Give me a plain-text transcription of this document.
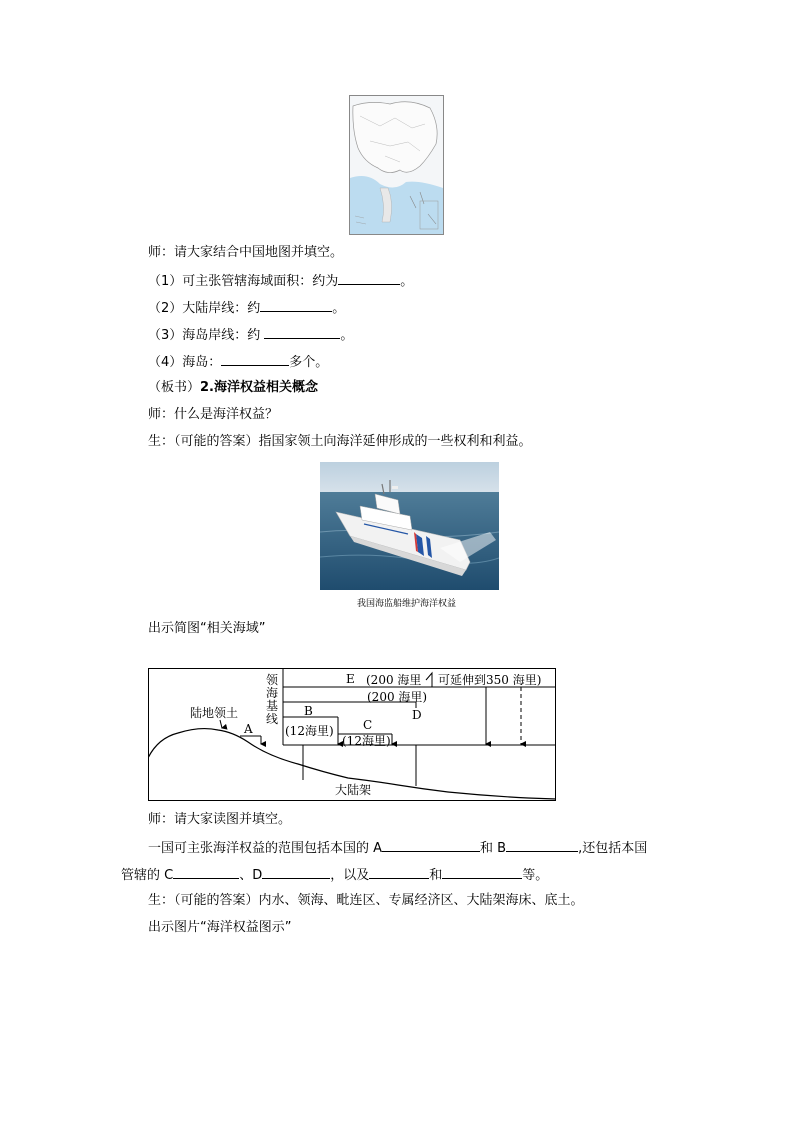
师：请大家结合中国地图并填空。
（1）可主张管辖海域面积：约为	。
（2）大陆岸线：约	。
（3）海岛岸线：约	。
（4）海岛：	多个。
（板书）2.海洋权益相关概念
师：什么是海洋权益？
生：（可能的答案）指国家领土向海洋延伸形成的一些权利和利益。
我国海监船维护海洋权益
出示简图“相关海域”
领
海
基
线
陆地领土
A
B
(12海里) C
(12海里)
D
(200 海里)
E (200 海里 可延伸到350 海里)
大陆架
师：请大家读图并填空。
一国可主张海洋权益的范围包括本国的 A	和 B	,还包括本国
管辖的 C	、D	，以及	和	等。
生：（可能的答案）内水、领海、毗连区、专属经济区、大陆架海床、底土。
出示图片“海洋权益图示”
